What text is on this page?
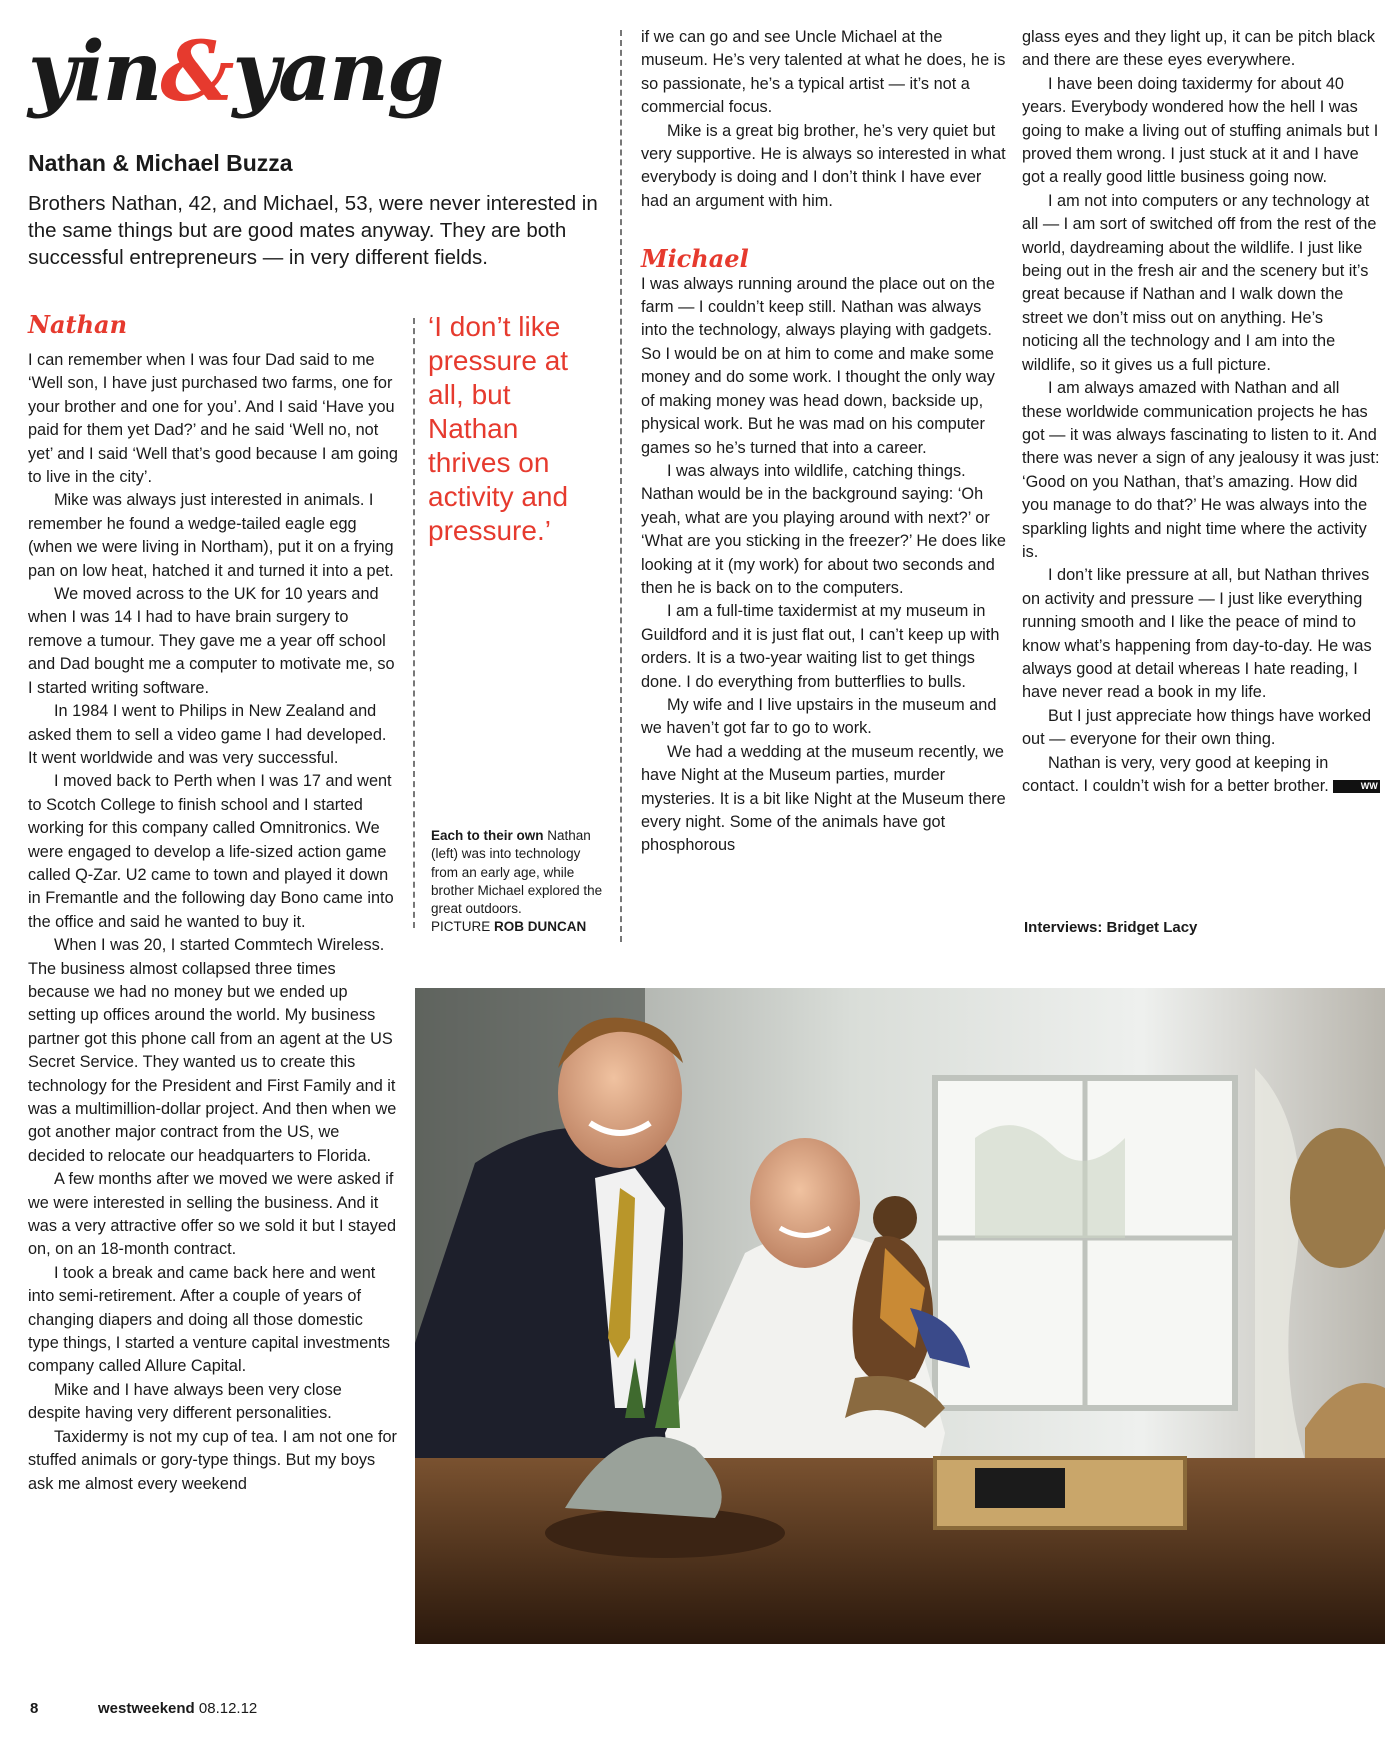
yin&yang
Nathan & Michael Buzza
Brothers Nathan, 42, and Michael, 53, were never interested in the same things but are good mates anyway. They are both successful entrepreneurs — in very different fields.
Nathan

I can remember when I was four Dad said to me ‘Well son, I have just purchased two farms, one for your brother and one for you’. And I said ‘Have you paid for them yet Dad?’ and he said ‘Well no, not yet’ and I said ‘Well that’s good because I am going to live in the city’.

Mike was always just interested in animals. I remember he found a wedge-tailed eagle egg (when we were living in Northam), put it on a frying pan on low heat, hatched it and turned it into a pet.

We moved across to the UK for 10 years and when I was 14 I had to have brain surgery to remove a tumour. They gave me a year off school and Dad bought me a computer to motivate me, so I started writing software.

In 1984 I went to Philips in New Zealand and asked them to sell a video game I had developed. It went worldwide and was very successful.

I moved back to Perth when I was 17 and went to Scotch College to finish school and I started working for this company called Omnitronics. We were engaged to develop a life-sized action game called Q-Zar. U2 came to town and played it down in Fremantle and the following day Bono came into the office and said he wanted to buy it.

When I was 20, I started Commtech Wireless. The business almost collapsed three times because we had no money but we ended up setting up offices around the world. My business partner got this phone call from an agent at the US Secret Service. They wanted us to create this technology for the President and First Family and it was a multimillion-dollar project. And then when we got another major contract from the US, we decided to relocate our headquarters to Florida.

A few months after we moved we were asked if we were interested in selling the business. And it was a very attractive offer so we sold it but I stayed on, on an 18-month contract.

I took a break and came back here and went into semi-retirement. After a couple of years of changing diapers and doing all those domestic type things, I started a venture capital investments company called Allure Capital.

Mike and I have always been very close despite having very different personalities.

Taxidermy is not my cup of tea. I am not one for stuffed animals or gory-type things. But my boys ask me almost every weekend

‘I don’t like pressure at all, but Nathan thrives on activity and pressure.’
Each to their own Nathan (left) was into technology from an early age, while brother Michael explored the great outdoors.
PICTURE ROB DUNCAN

if we can go and see Uncle Michael at the museum. He’s very talented at what he does, he is so passionate, he’s a typical artist — it’s not a commercial focus.

Mike is a great big brother, he’s very quiet but very supportive. He is always so interested in what everybody is doing and I don’t think I have ever had an argument with him.

Michael

I was always running around the place out on the farm — I couldn’t keep still. Nathan was always into the technology, always playing with gadgets. So I would be on at him to come and make some money and do some work. I thought the only way of making money was head down, backside up, physical work. But he was mad on his computer games so he’s turned that into a career.

I was always into wildlife, catching things. Nathan would be in the background saying: ‘Oh yeah, what are you playing around with next?’ or ‘What are you sticking in the freezer?’ He does like looking at it (my work) for about two seconds and then he is back on to the computers.

I am a full-time taxidermist at my museum in Guildford and it is just flat out, I can’t keep up with orders. It is a two-year waiting list to get things done. I do everything from butterflies to bulls.

My wife and I live upstairs in the museum and we haven’t got far to go to work.

We had a wedding at the museum recently, we have Night at the Museum parties, murder mysteries. It is a bit like Night at the Museum there every night. Some of the animals have got phosphorous

glass eyes and they light up, it can be pitch black and there are these eyes everywhere.

I have been doing taxidermy for about 40 years. Everybody wondered how the hell I was going to make a living out of stuffing animals but I proved them wrong. I just stuck at it and I have got a really good little business going now.

I am not into computers or any technology at all — I am sort of switched off from the rest of the world, daydreaming about the wildlife. I just like being out in the fresh air and the scenery but it’s great because if Nathan and I walk down the street we don’t miss out on anything. He’s noticing all the technology and I am into the wildlife, so it gives us a full picture.

I am always amazed with Nathan and all these worldwide communication projects he has got — it was always fascinating to listen to it. And there was never a sign of any jealousy it was just: ‘Good on you Nathan, that’s amazing. How did you manage to do that?’ He was always into the sparkling lights and night time where the activity is.

I don’t like pressure at all, but Nathan thrives on activity and pressure — I just like everything running smooth and I like the peace of mind to know what’s happening from day-to-day. He was always good at detail whereas I hate reading, I have never read a book in my life.

But I just appreciate how things have worked out — everyone for their own thing.

Nathan is very, very good at keeping in contact. I couldn’t wish for a better brother.	WW

Interviews: Bridget Lacy
8	westweekend 08.12.12
